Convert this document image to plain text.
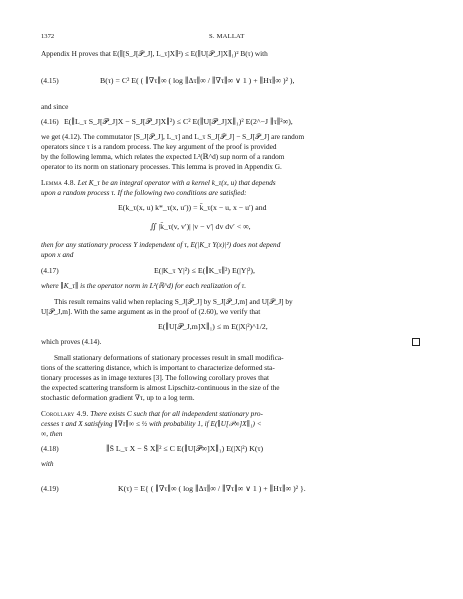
1372	S. MALLAT
Appendix H proves that E(∥[S_J[𝒫_J], L_τ]X∥²) ≤ E(∥U[𝒫_J]X∥₁)² B(τ) with
(4.15)	B(τ) = C² E( ( ∥∇τ∥∞ ( log ∥Δτ∥∞ / ∥∇τ∥∞ ∨ 1 ) + ∥Hτ∥∞ )² ),
and since
(4.16) E(∥L_τ S_J[𝒫_J]X − S_J[𝒫_J]X∥²) ≤ C² E(∥U[𝒫_J]X∥₁)² E(2^−J ∥τ∥²∞),
we get (4.12). The commutator [S_J[𝒫_J], L_τ] and L_τ S_J[𝒫_J] − S_J[𝒫_J] are random
operators since τ is a random process. The key argument of the proof is provided
by the following lemma, which relates the expected L²(ℝ^d) sup norm of a random
operator to its norm on stationary processes. This lemma is proved in Appendix G.
Lemma 4.8. Let K_τ be an integral operator with a kernel k_τ(x, u) that depends
upon a random process τ. If the following two conditions are satisfied:
E(k_τ(x, u) k*_τ(x, u′)) = k̄_τ(x − u, x − u′) and
∬ |k̄_τ(v, v′)| |v − v′| dv dv′ < ∞,
then for any stationary process Y independent of τ, E(|K_τ Y(x)|²) does not depend
upon x and
(4.17)	E(|K_τ Y|²) ≤ E(∥K_τ∥²) E(|Y|²),
where ∥K_τ∥ is the operator norm in L²(ℝ^d) for each realization of τ.
This result remains valid when replacing S_J[𝒫_J] by S_J[𝒫_J,m] and U[𝒫_J] by
U[𝒫_J,m]. With the same argument as in the proof of (2.60), we verify that
E(∥U[𝒫_J,m]X∥₁) ≤ m E(|X|²)^1/2,
which proves (4.14).
Small stationary deformations of stationary processes result in small modifica-
tions of the scattering distance, which is important to characterize deformed sta-
tionary processes as in image textures [3]. The following corollary proves that
the expected scattering transform is almost Lipschitz-continuous in the size of the
stochastic deformation gradient ∇τ, up to a log term.
Corollary 4.9. There exists C such that for all independent stationary pro-
cesses τ and X satisfying ∥∇τ∥∞ ≤ ½ with probability 1, if E(∥U[𝒫∞]X∥₁) <
∞, then
(4.18)	∥S̄ L_τ X − S̄ X∥² ≤ C E(∥U[𝒫∞]X∥₁) E(|X|²) K(τ)
with
(4.19)	K(τ) = E{ ( ∥∇τ∥∞ ( log ∥Δτ∥∞ / ∥∇τ∥∞ ∨ 1 ) + ∥Hτ∥∞ )² }.
